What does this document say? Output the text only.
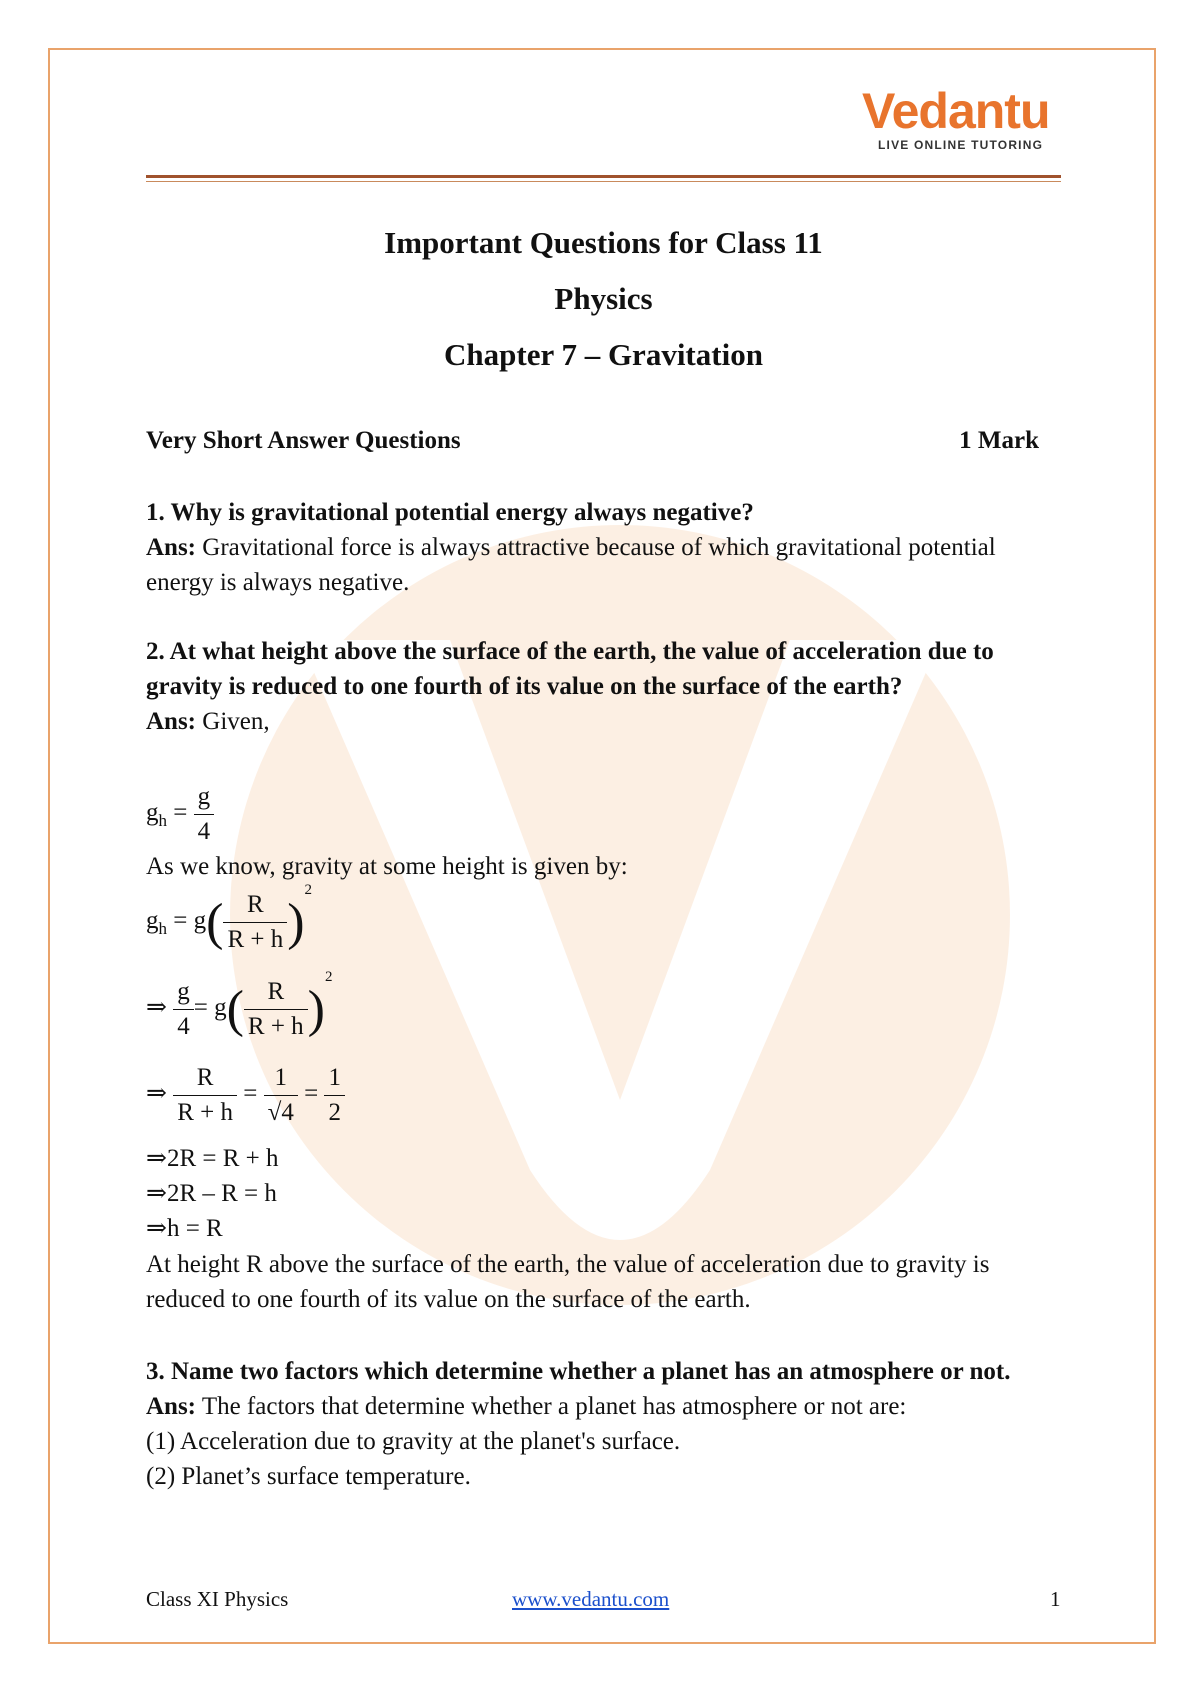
Vedantu
LIVE ONLINE TUTORING
Important Questions for Class 11
Physics
Chapter 7 – Gravitation
Very Short Answer Questions	1 Mark
1. Why is gravitational potential energy always negative?
Ans: Gravitational force is always attractive because of which gravitational potential energy is always negative.
2. At what height above the surface of the earth, the value of acceleration due to gravity is reduced to one fourth of its value on the surface of the earth?
Ans: Given,
$g_h = \frac{g}{4}$
As we know, gravity at some height is given by:
$g_h = g( \frac{R}{R + h} )^2$
⇒ $\frac{g}{4} = g( \frac{R}{R + h} )^2$
⇒ $\frac{R}{R + h} = \frac{1}{√4} = \frac{1}{2}$
⇒2R = R + h
⇒2R – R = h
⇒h = R
At height R above the surface of the earth, the value of acceleration due to gravity is reduced to one fourth of its value on the surface of the earth.
3. Name two factors which determine whether a planet has an atmosphere or not.
Ans: The factors that determine whether a planet has atmosphere or not are:
(1) Acceleration due to gravity at the planet's surface.
(2) Planet’s surface temperature.
Class XI Physics	www.vedantu.com	1
